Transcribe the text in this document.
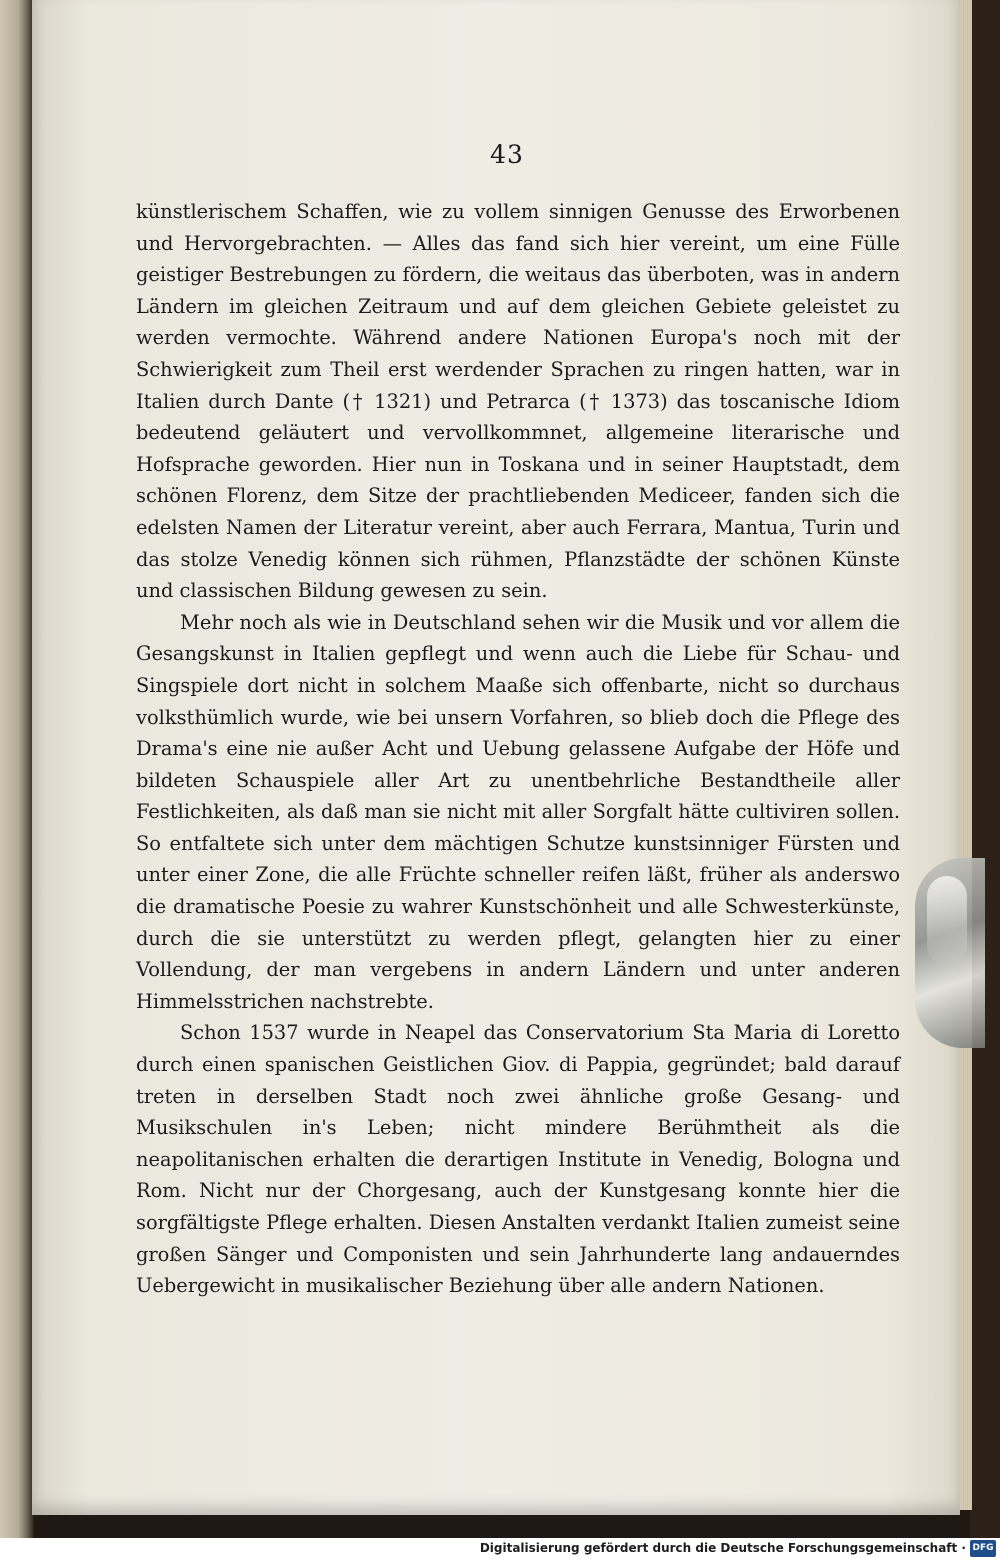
43

künstlerischem Schaffen, wie zu vollem sinnigen Genusse des Erworbenen und Hervorgebrachten. — Alles das fand sich hier vereint, um eine Fülle geistiger Bestrebungen zu fördern, die weitaus das überboten, was in andern Ländern im gleichen Zeitraum und auf dem gleichen Gebiete geleistet zu werden vermochte. Während andere Nationen Europa's noch mit der Schwierigkeit zum Theil erst werdender Sprachen zu ringen hatten, war in Italien durch Dante († 1321) und Petrarca († 1373) das toscanische Idiom bedeutend geläutert und vervollkommnet, allgemeine literarische und Hofsprache geworden. Hier nun in Toskana und in seiner Hauptstadt, dem schönen Florenz, dem Sitze der prachtliebenden Mediceer, fanden sich die edelsten Namen der Literatur vereint, aber auch Ferrara, Mantua, Turin und das stolze Venedig können sich rühmen, Pflanzstädte der schönen Künste und classischen Bildung gewesen zu sein.

Mehr noch als wie in Deutschland sehen wir die Musik und vor allem die Gesangskunst in Italien gepflegt und wenn auch die Liebe für Schau- und Singspiele dort nicht in solchem Maaße sich offenbarte, nicht so durchaus volksthümlich wurde, wie bei unsern Vorfahren, so blieb doch die Pflege des Drama's eine nie außer Acht und Uebung gelassene Aufgabe der Höfe und bildeten Schauspiele aller Art zu unentbehrliche Bestandtheile aller Festlichkeiten, als daß man sie nicht mit aller Sorgfalt hätte cultiviren sollen. So entfaltete sich unter dem mächtigen Schutze kunstsinniger Fürsten und unter einer Zone, die alle Früchte schneller reifen läßt, früher als anderswo die dramatische Poesie zu wahrer Kunstschönheit und alle Schwesterkünste, durch die sie unterstützt zu werden pflegt, gelangten hier zu einer Vollendung, der man vergebens in andern Ländern und unter anderen Himmelsstrichen nachstrebte.

Schon 1537 wurde in Neapel das Conservatorium Sta Maria di Loretto durch einen spanischen Geistlichen Giov. di Pappia, gegründet; bald darauf treten in derselben Stadt noch zwei ähnliche große Gesang- und Musikschulen in's Leben; nicht mindere Berühmtheit als die neapolitanischen erhalten die derartigen Institute in Venedig, Bologna und Rom. Nicht nur der Chorgesang, auch der Kunstgesang konnte hier die sorgfältigste Pflege erhalten. Diesen Anstalten verdankt Italien zumeist seine großen Sänger und Componisten und sein Jahrhunderte lang andauerndes Uebergewicht in musikalischer Beziehung über alle andern Nationen.

Digitalisierung gefördert durch die Deutsche Forschungsgemeinschaft · DFG
